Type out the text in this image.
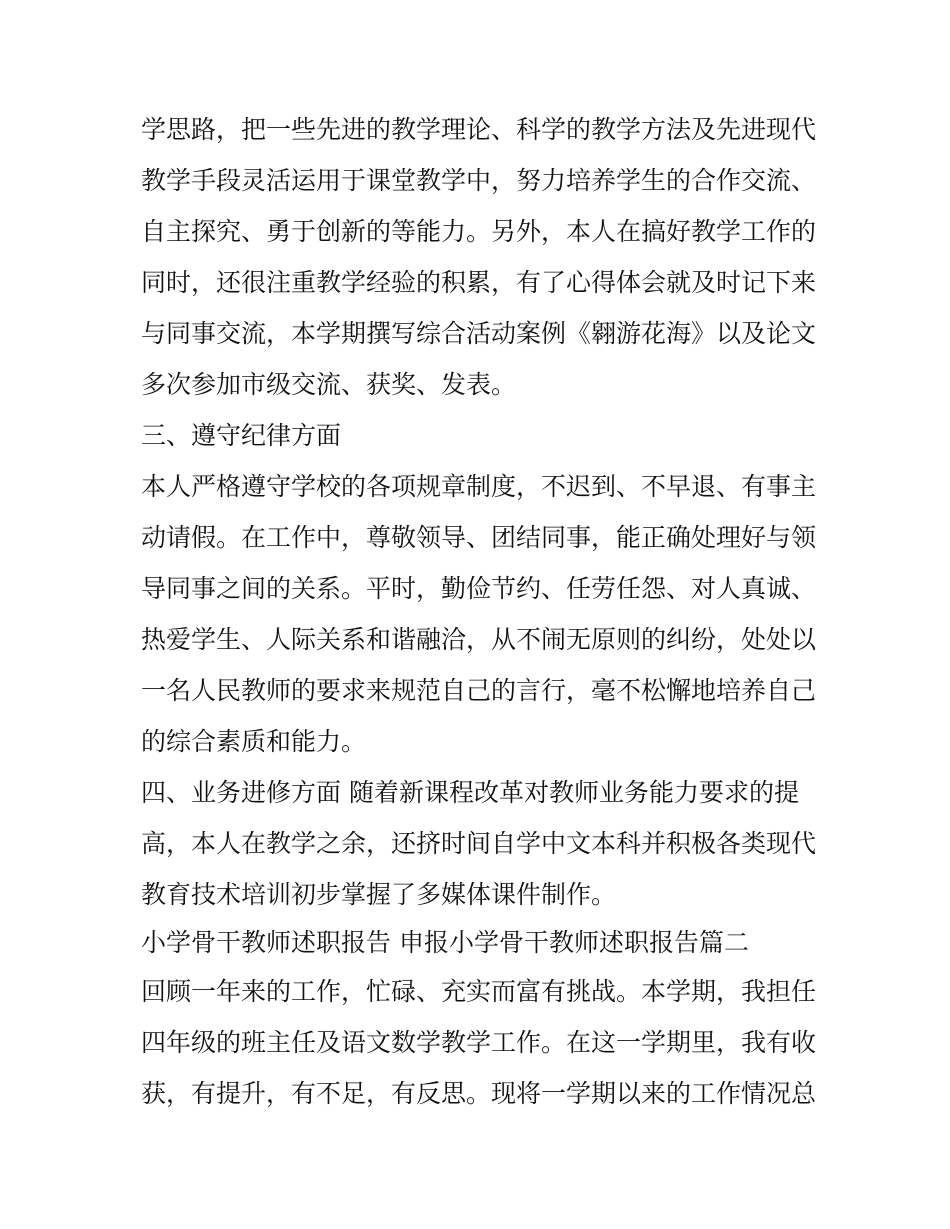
学思路，把一些先进的教学理论、科学的教学方法及先进现代
教学手段灵活运用于课堂教学中，努力培养学生的合作交流、
自主探究、勇于创新的等能力。另外，本人在搞好教学工作的
同时，还很注重教学经验的积累，有了心得体会就及时记下来
与同事交流，本学期撰写综合活动案例《翱游花海》以及论文
多次参加市级交流、获奖、发表。
三、遵守纪律方面
本人严格遵守学校的各项规章制度，不迟到、不早退、有事主
动请假。在工作中，尊敬领导、团结同事，能正确处理好与领
导同事之间的关系。平时，勤俭节约、任劳任怨、对人真诚、
热爱学生、人际关系和谐融洽，从不闹无原则的纠纷，处处以
一名人民教师的要求来规范自己的言行，毫不松懈地培养自己
的综合素质和能力。
四、业务进修方面 随着新课程改革对教师业务能力要求的提
高，本人在教学之余，还挤时间自学中文本科并积极各类现代
教育技术培训初步掌握了多媒体课件制作。
小学骨干教师述职报告 申报小学骨干教师述职报告篇二
回顾一年来的工作，忙碌、充实而富有挑战。本学期，我担任
四年级的班主任及语文数学教学工作。在这一学期里，我有收
获，有提升，有不足，有反思。现将一学期以来的工作情况总
